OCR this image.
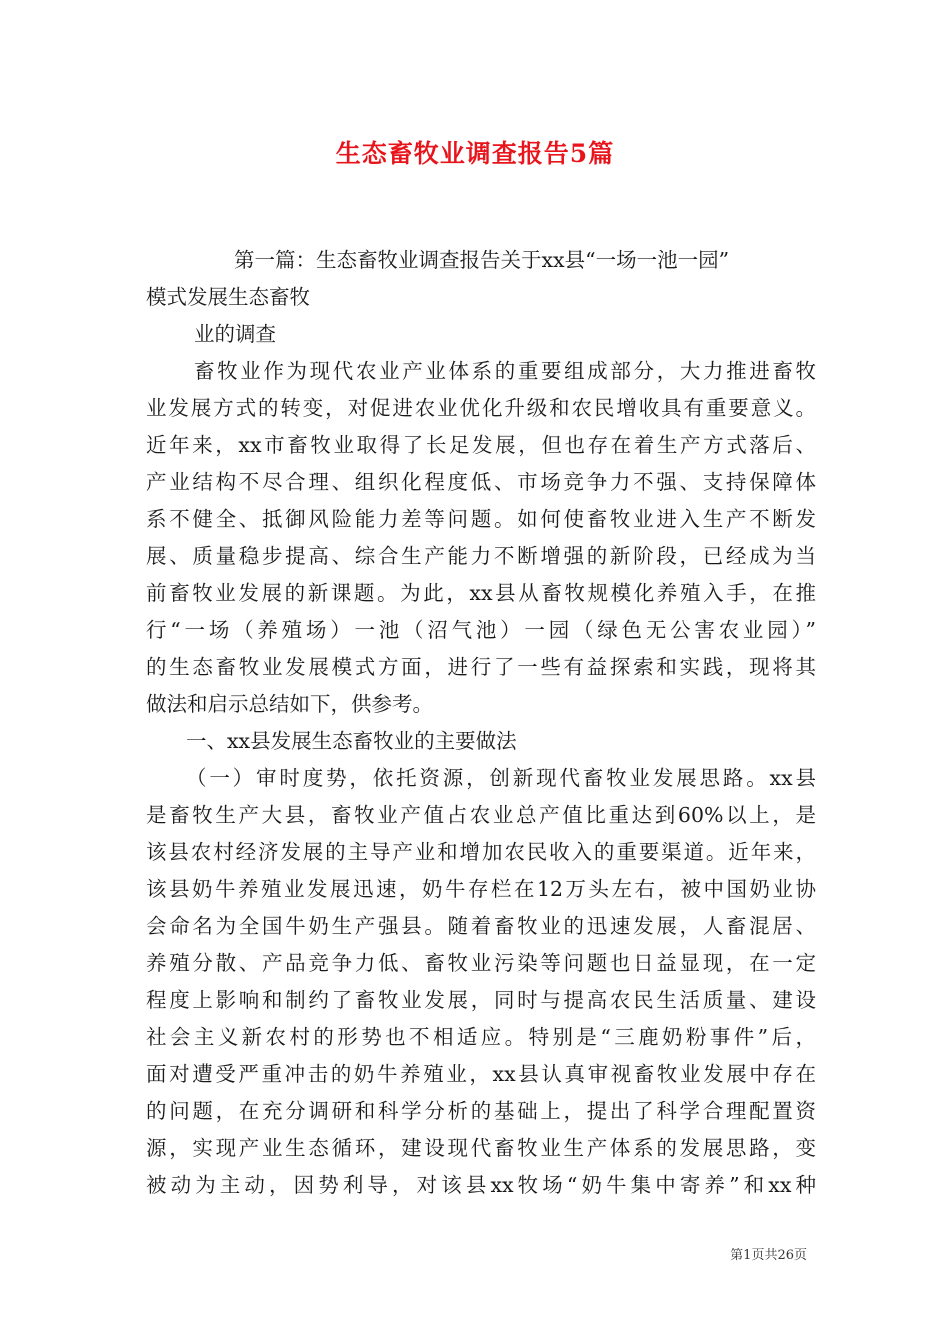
生态畜牧业调查报告5篇
第一篇：生态畜牧业调查报告关于xx县“一场一池一园”
模式发展生态畜牧
业的调查
畜牧业作为现代农业产业体系的重要组成部分，大力推进畜牧
业发展方式的转变，对促进农业优化升级和农民增收具有重要意义。
近年来，xx市畜牧业取得了长足发展，但也存在着生产方式落后、
产业结构不尽合理、组织化程度低、市场竞争力不强、支持保障体
系不健全、抵御风险能力差等问题。如何使畜牧业进入生产不断发
展、质量稳步提高、综合生产能力不断增强的新阶段，已经成为当
前畜牧业发展的新课题。为此，xx县从畜牧规模化养殖入手，在推
行“一场（养殖场）一池（沼气池）一园（绿色无公害农业园）”
的生态畜牧业发展模式方面，进行了一些有益探索和实践，现将其
做法和启示总结如下，供参考。
一、xx县发展生态畜牧业的主要做法
（一）审时度势，依托资源，创新现代畜牧业发展思路。xx县
是畜牧生产大县，畜牧业产值占农业总产值比重达到60%以上，是
该县农村经济发展的主导产业和增加农民收入的重要渠道。近年来，
该县奶牛养殖业发展迅速，奶牛存栏在12万头左右，被中国奶业协
会命名为全国牛奶生产强县。随着畜牧业的迅速发展，人畜混居、
养殖分散、产品竞争力低、畜牧业污染等问题也日益显现，在一定
程度上影响和制约了畜牧业发展，同时与提高农民生活质量、建设
社会主义新农村的形势也不相适应。特别是“三鹿奶粉事件”后，
面对遭受严重冲击的奶牛养殖业，xx县认真审视畜牧业发展中存在
的问题，在充分调研和科学分析的基础上，提出了科学合理配置资
源，实现产业生态循环，建设现代畜牧业生产体系的发展思路，变
被动为主动，因势利导，对该县xx牧场“奶牛集中寄养”和xx种
第1页共26页
